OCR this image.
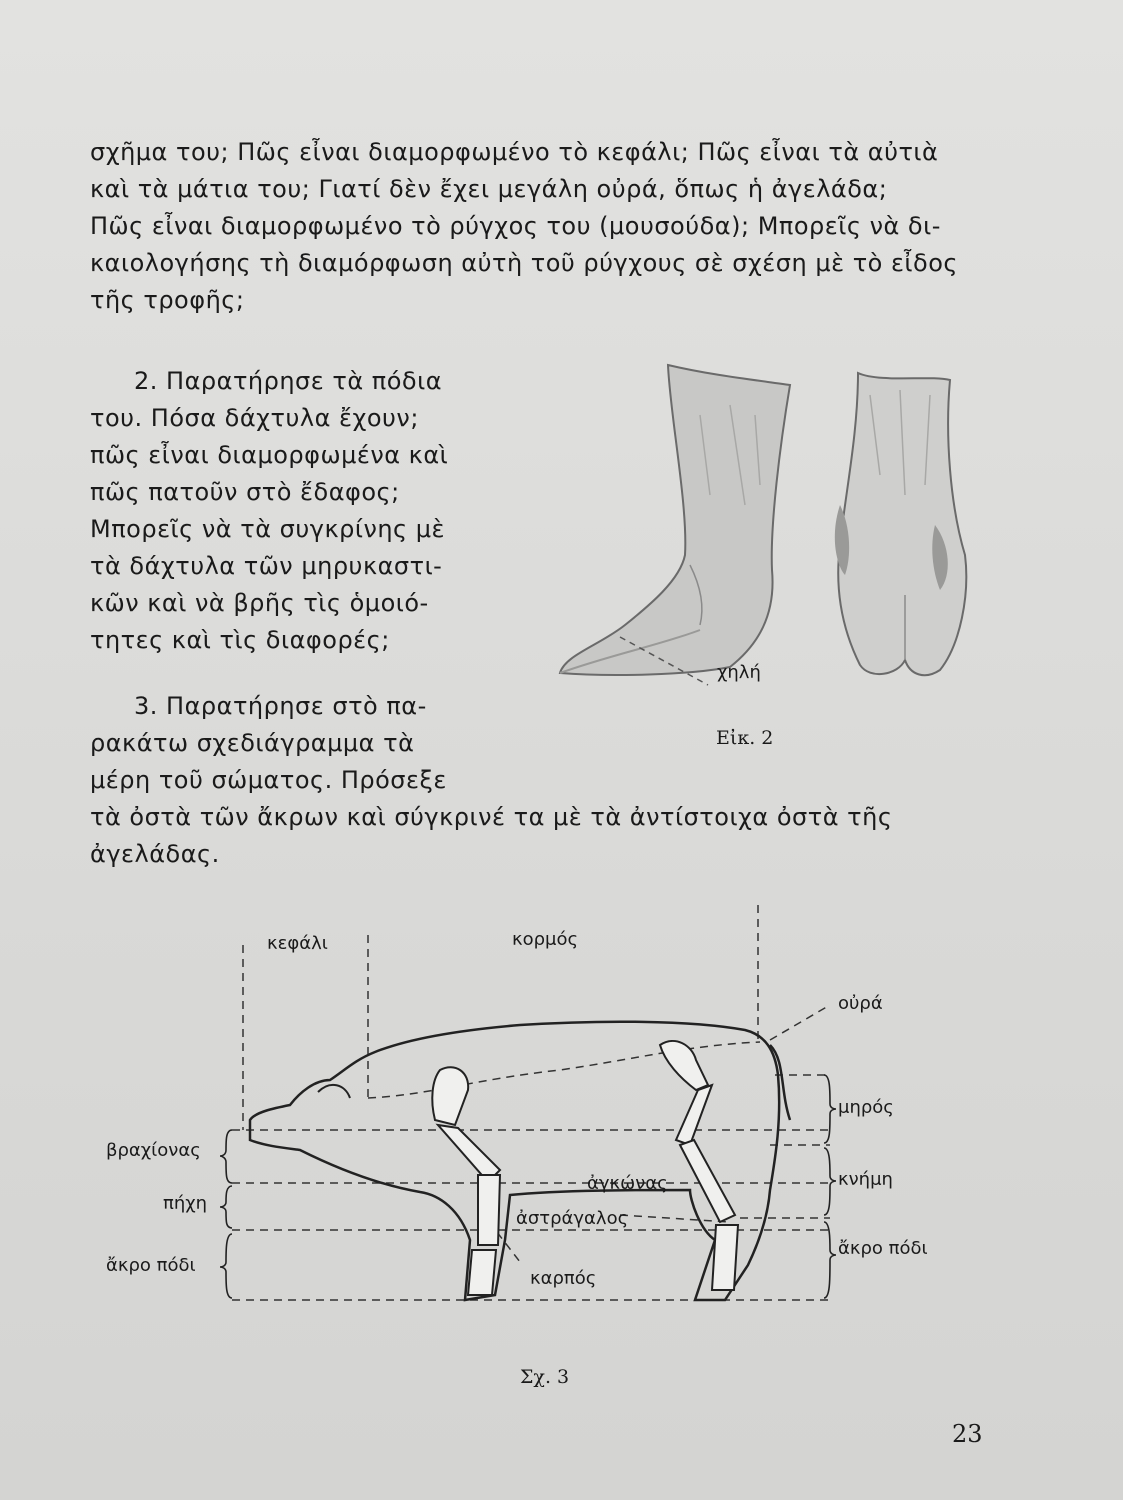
σχῆμα του; Πῶς εἶναι διαμορφωμένο τὸ κεφάλι; Πῶς εἶναι τὰ αὐτιὰ

καὶ τὰ μάτια του; Γιατί δὲν ἔχει μεγάλη οὐρά, ὅπως ἡ ἀγελάδα;

Πῶς εἶναι διαμορφωμένο τὸ ρύγχος του (μουσούδα); Μπορεῖς νὰ δι-

καιολογήσης τὴ διαμόρφωση αὐτὴ τοῦ ρύγχους σὲ σχέση μὲ τὸ εἶδος

τῆς τροφῆς;

2. Παρατήρησε τὰ πόδια
του. Πόσα δάχτυλα ἔχουν;
πῶς εἶναι διαμορφωμένα καὶ
πῶς πατοῦν στὸ ἔδαφος;
Μπορεῖς νὰ τὰ συγκρίνης μὲ
τὰ δάχτυλα τῶν μηρυκαστι-
κῶν καὶ νὰ βρῆς τὶς ὁμοιό-
τητες καὶ τὶς διαφορές;
3. Παρατήρησε στὸ πα-
ρακάτω σχεδιάγραμμα τὰ
μέρη τοῦ σώματος. Πρόσεξε
τὰ ὀστὰ τῶν ἄκρων καὶ σύγκρινέ τα μὲ τὰ ἀντίστοιχα ὀστὰ τῆς
ἀγελάδας.
χηλή
Εἰκ. 2
κεφάλι	κορμός
οὐρά
μηρός
κνήμη
ἄκρο πόδι
βραχίονας
πήχη
ἄκρο πόδι
ἀγκώνας
ἀστράγαλος
καρπός
Σχ. 3
23
